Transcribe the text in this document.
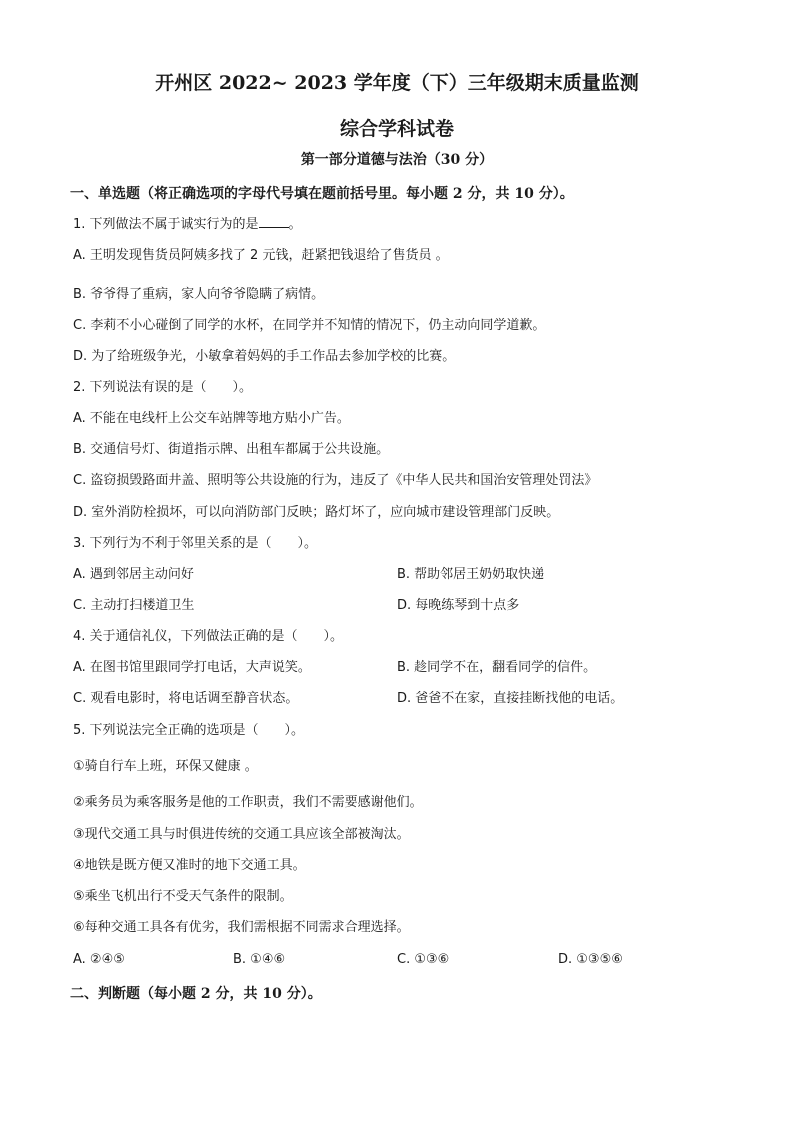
开州区 2022~ 2023 学年度（下）三年级期末质量监测
综合学科试卷
第一部分道德与法治（30 分）
一、单选题（将正确选项的字母代号填在题前括号里。每小题 2 分，共 10 分）。
1. 下列做法不属于诚实行为的是 。
A. 王明发现售货员阿姨多找了 2 元钱，赶紧把钱退给了售货员 。
B. 爷爷得了重病，家人向爷爷隐瞒了病情。
C. 李莉不小心碰倒了同学的水杯，在同学并不知情的情况下，仍主动向同学道歉。
D. 为了给班级争光，小敏拿着妈妈的手工作品去参加学校的比赛。
2. 下列说法有误的是（　　）。
A. 不能在电线杆上公交车站牌等地方贴小广告。
B. 交通信号灯、街道指示牌、出租车都属于公共设施。
C. 盗窃损毁路面井盖、照明等公共设施的行为，违反了《中华人民共和国治安管理处罚法》
D. 室外消防栓损坏，可以向消防部门反映；路灯坏了，应向城市建设管理部门反映。
3. 下列行为不利于邻里关系的是（　　）。
A. 遇到邻居主动问好	B. 帮助邻居王奶奶取快递
C. 主动打扫楼道卫生	D. 每晚练琴到十点多
4. 关于通信礼仪，下列做法正确的是（　　）。
A. 在图书馆里跟同学打电话，大声说笑。	B. 趁同学不在，翻看同学的信件。
C. 观看电影时，将电话调至静音状态。	D. 爸爸不在家，直接挂断找他的电话。
5. 下列说法完全正确的选项是（　　）。
①骑自行车上班，环保又健康 。
②乘务员为乘客服务是他的工作职责，我们不需要感谢他们。
③现代交通工具与时俱进传统的交通工具应该全部被淘汰。
④地铁是既方便又准时的地下交通工具。
⑤乘坐飞机出行不受天气条件的限制。
⑥每种交通工具各有优劣，我们需根据不同需求合理选择。
A. ②④⑤	B. ①④⑥	C. ①③⑥	D. ①③⑤⑥
二、判断题（每小题 2 分，共 10 分）。
